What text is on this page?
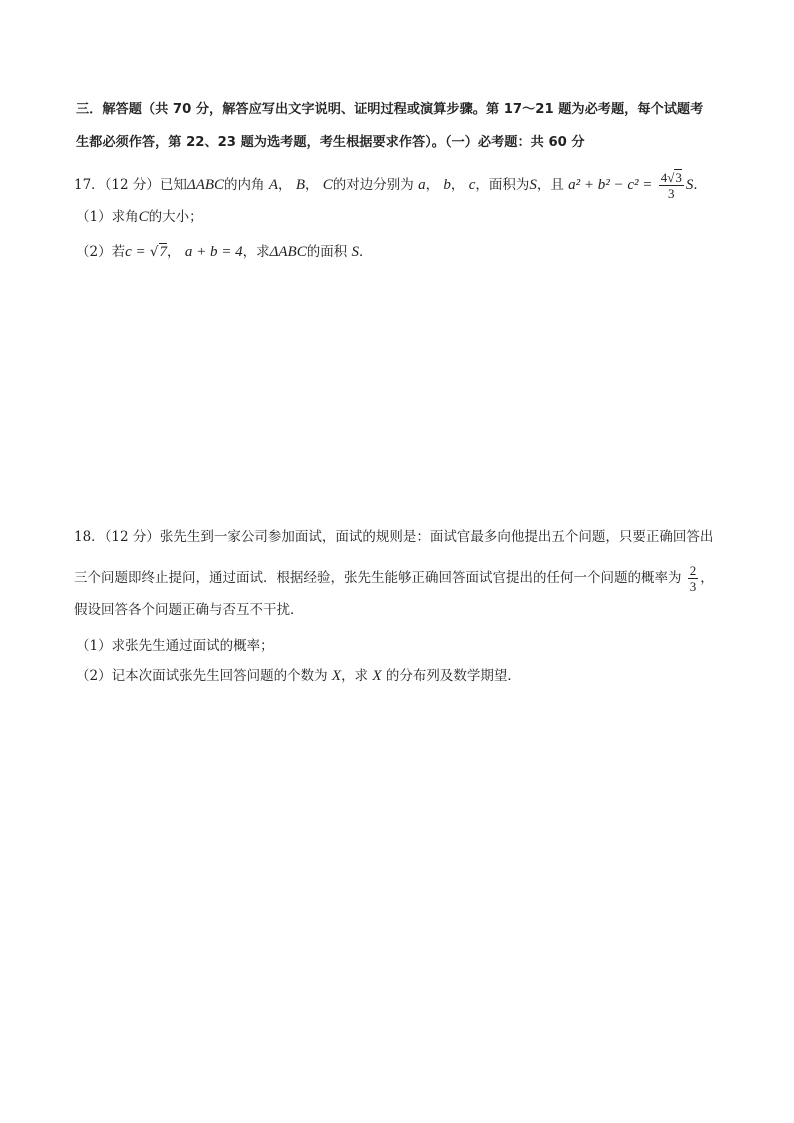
三．解答题（共 70 分，解答应写出文字说明、证明过程或演算步骤。第 17～21 题为必考题，每个试题考
生都必须作答，第 22、23 题为选考题，考生根据要求作答）。（一）必考题：共 60 分
17．（12 分）已知ΔABC的内角 A， B， C的对边分别为 a， b， c，面积为S，且 $a^2 + b^2 - c^2 = \frac{4√3}{3}$ S．
（1）求角C的大小；
（2）若c = √7， a + b = 4，求ΔABC的面积 S．
18．（12 分）张先生到一家公司参加面试，面试的规则是：面试官最多向他提出五个问题，只要正确回答出
三个问题即终止提问，通过面试．根据经验，张先生能够正确回答面试官提出的任何一个问题的概率为 $\frac{2}{3}$ ，
假设回答各个问题正确与否互不干扰．
（1）求张先生通过面试的概率；
（2）记本次面试张先生回答问题的个数为 X，求 X 的分布列及数学期望．
